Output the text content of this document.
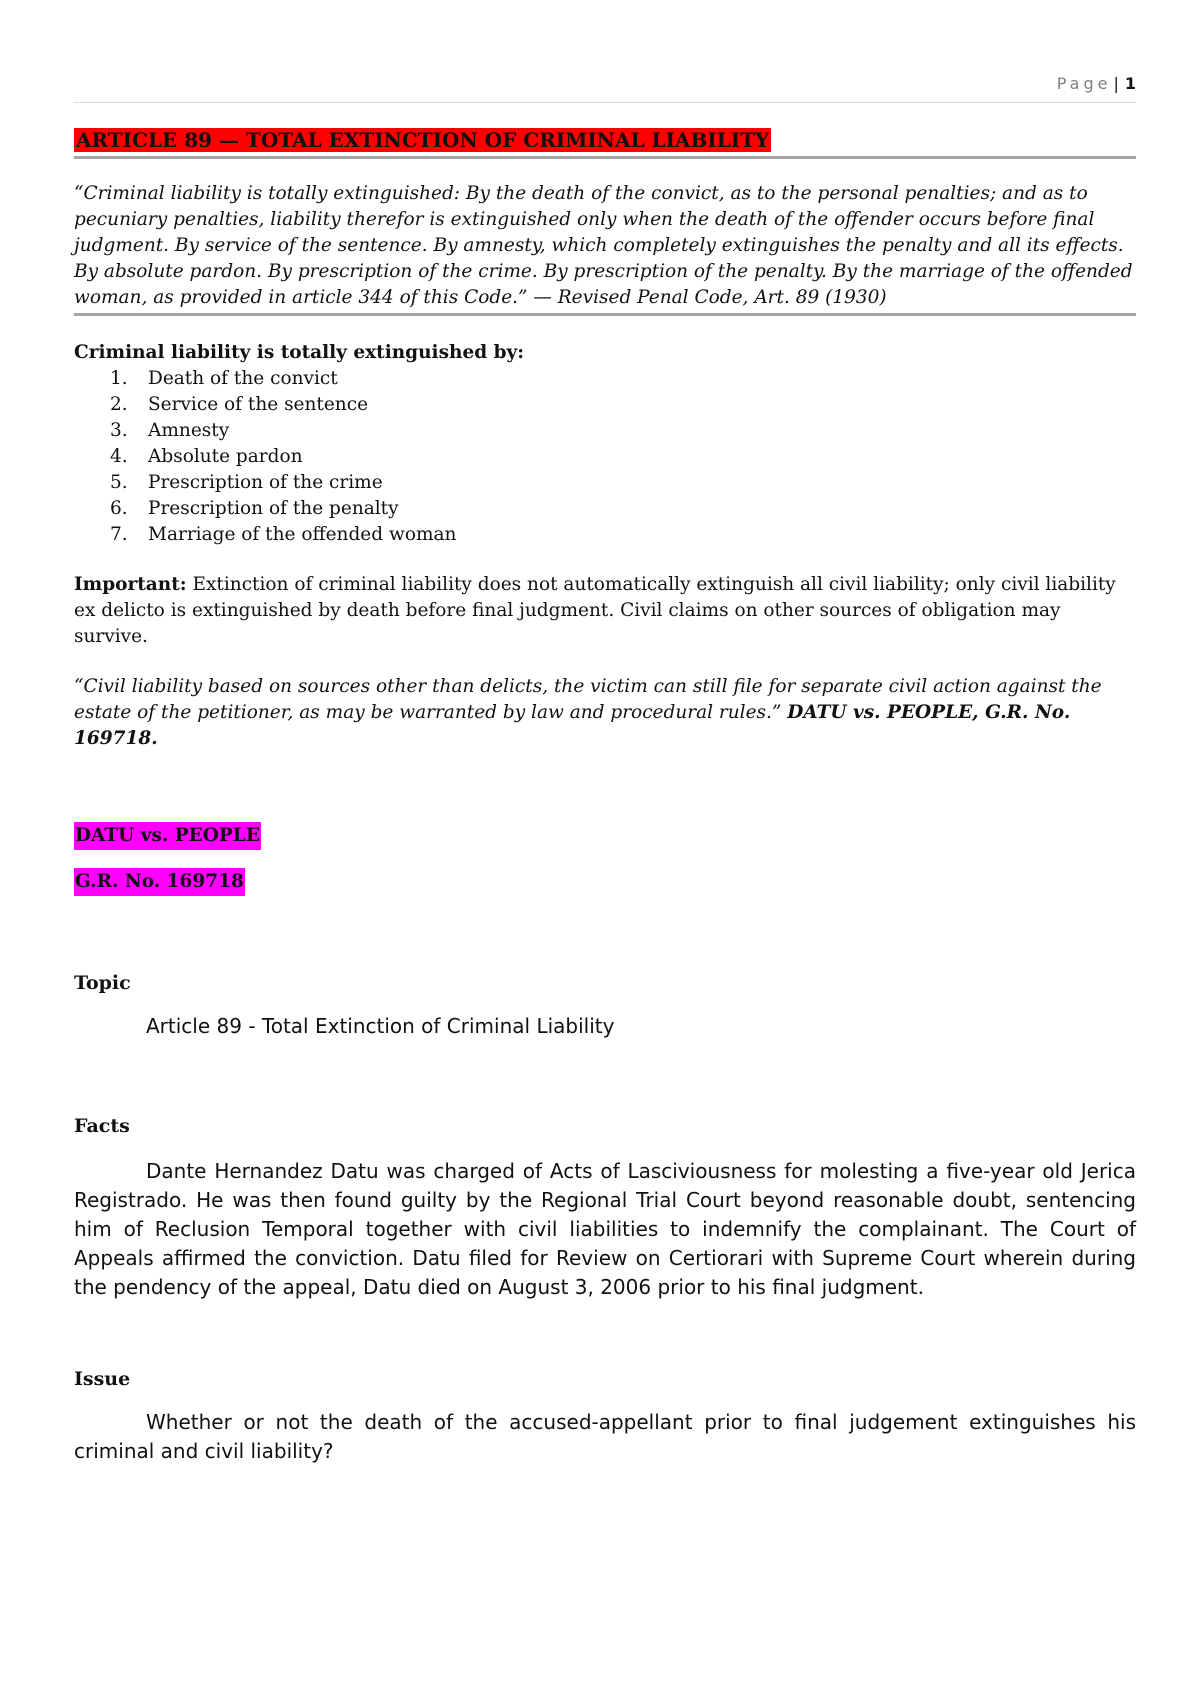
Page | 1
ARTICLE 89 — TOTAL EXTINCTION OF CRIMINAL LIABILITY
“Criminal liability is totally extinguished: By the death of the convict, as to the personal penalties; and as to pecuniary penalties, liability therefor is extinguished only when the death of the offender occurs before final judgment. By service of the sentence. By amnesty, which completely extinguishes the penalty and all its effects. By absolute pardon. By prescription of the crime. By prescription of the penalty. By the marriage of the offended woman, as provided in article 344 of this Code.” — Revised Penal Code, Art. 89 (1930)
Criminal liability is totally extinguished by:
1.	Death of the convict
2.	Service of the sentence
3.	Amnesty
4.	Absolute pardon
5.	Prescription of the crime
6.	Prescription of the penalty
7.	Marriage of the offended woman
Important: Extinction of criminal liability does not automatically extinguish all civil liability; only civil liability ex delicto is extinguished by death before final judgment. Civil claims on other sources of obligation may survive.
“Civil liability based on sources other than delicts, the victim can still file for separate civil action against the estate of the petitioner, as may be warranted by law and procedural rules.” DATU vs. PEOPLE, G.R. No. 169718.
DATU vs. PEOPLE
G.R. No. 169718
Topic
Article 89 - Total Extinction of Criminal Liability
Facts
Dante Hernandez Datu was charged of Acts of Lasciviousness for molesting a five-year old Jerica Registrado. He was then found guilty by the Regional Trial Court beyond reasonable doubt, sentencing him of Reclusion Temporal together with civil liabilities to indemnify the complainant. The Court of Appeals affirmed the conviction. Datu filed for Review on Certiorari with Supreme Court wherein during the pendency of the appeal, Datu died on August 3, 2006 prior to his final judgment.
Issue
Whether or not the death of the accused-appellant prior to final judgement extinguishes his criminal and civil liability?
